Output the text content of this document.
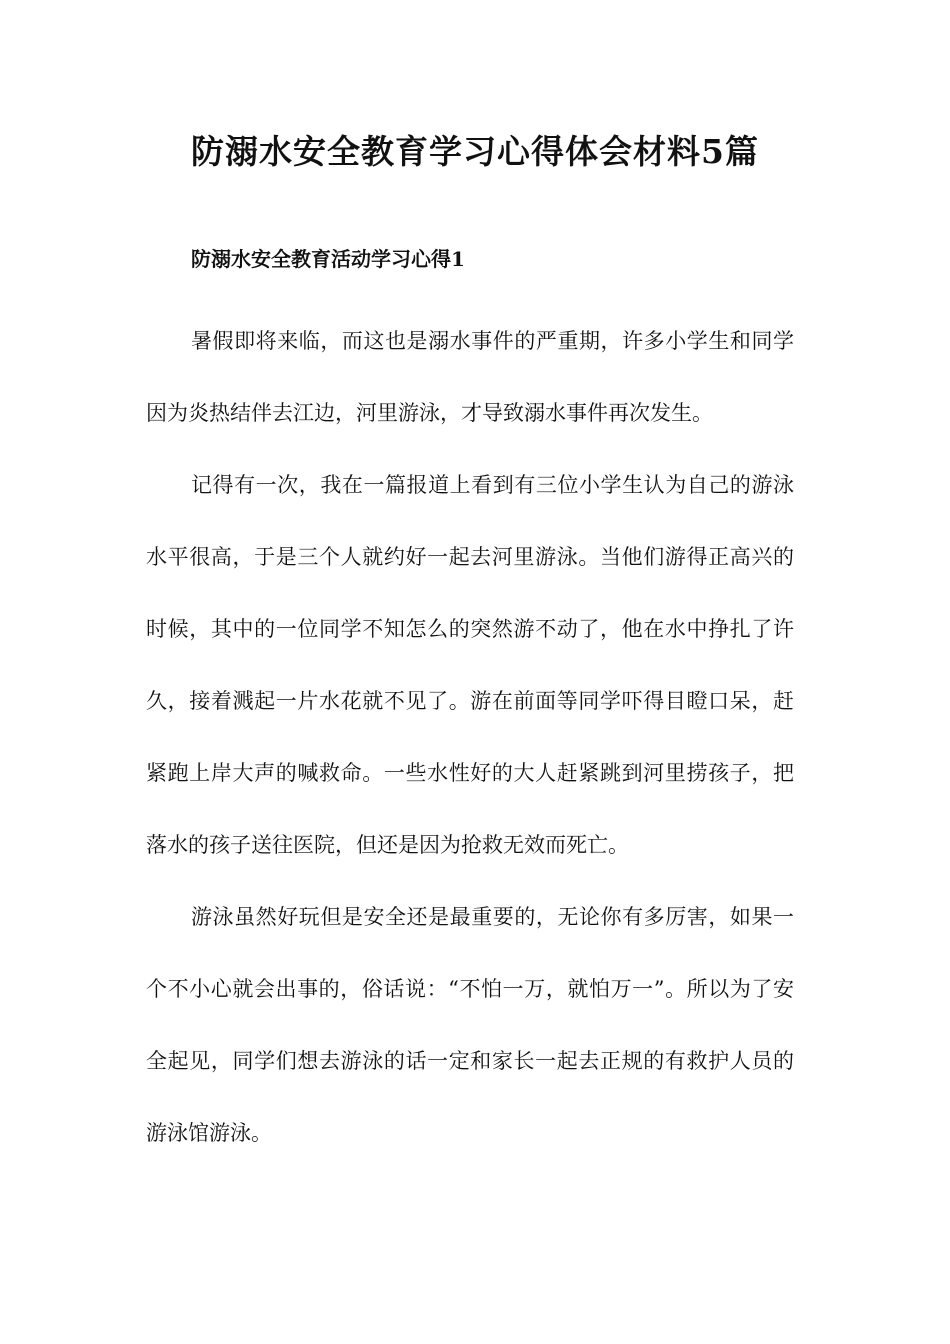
防溺水安全教育学习心得体会材料5篇
防溺水安全教育活动学习心得1

暑假即将来临，而这也是溺水事件的严重期，许多小学生和同学因为炎热结伴去江边，河里游泳，才导致溺水事件再次发生。

记得有一次，我在一篇报道上看到有三位小学生认为自己的游泳水平很高，于是三个人就约好一起去河里游泳。当他们游得正高兴的时候，其中的一位同学不知怎么的突然游不动了，他在水中挣扎了许久，接着溅起一片水花就不见了。游在前面等同学吓得目瞪口呆，赶紧跑上岸大声的喊救命。一些水性好的大人赶紧跳到河里捞孩子，把落水的孩子送往医院，但还是因为抢救无效而死亡。

游泳虽然好玩但是安全还是最重要的，无论你有多厉害，如果一个不小心就会出事的，俗话说：“不怕一万，就怕万一”。所以为了安全起见，同学们想去游泳的话一定和家长一起去正规的有救护人员的游泳馆游泳。
